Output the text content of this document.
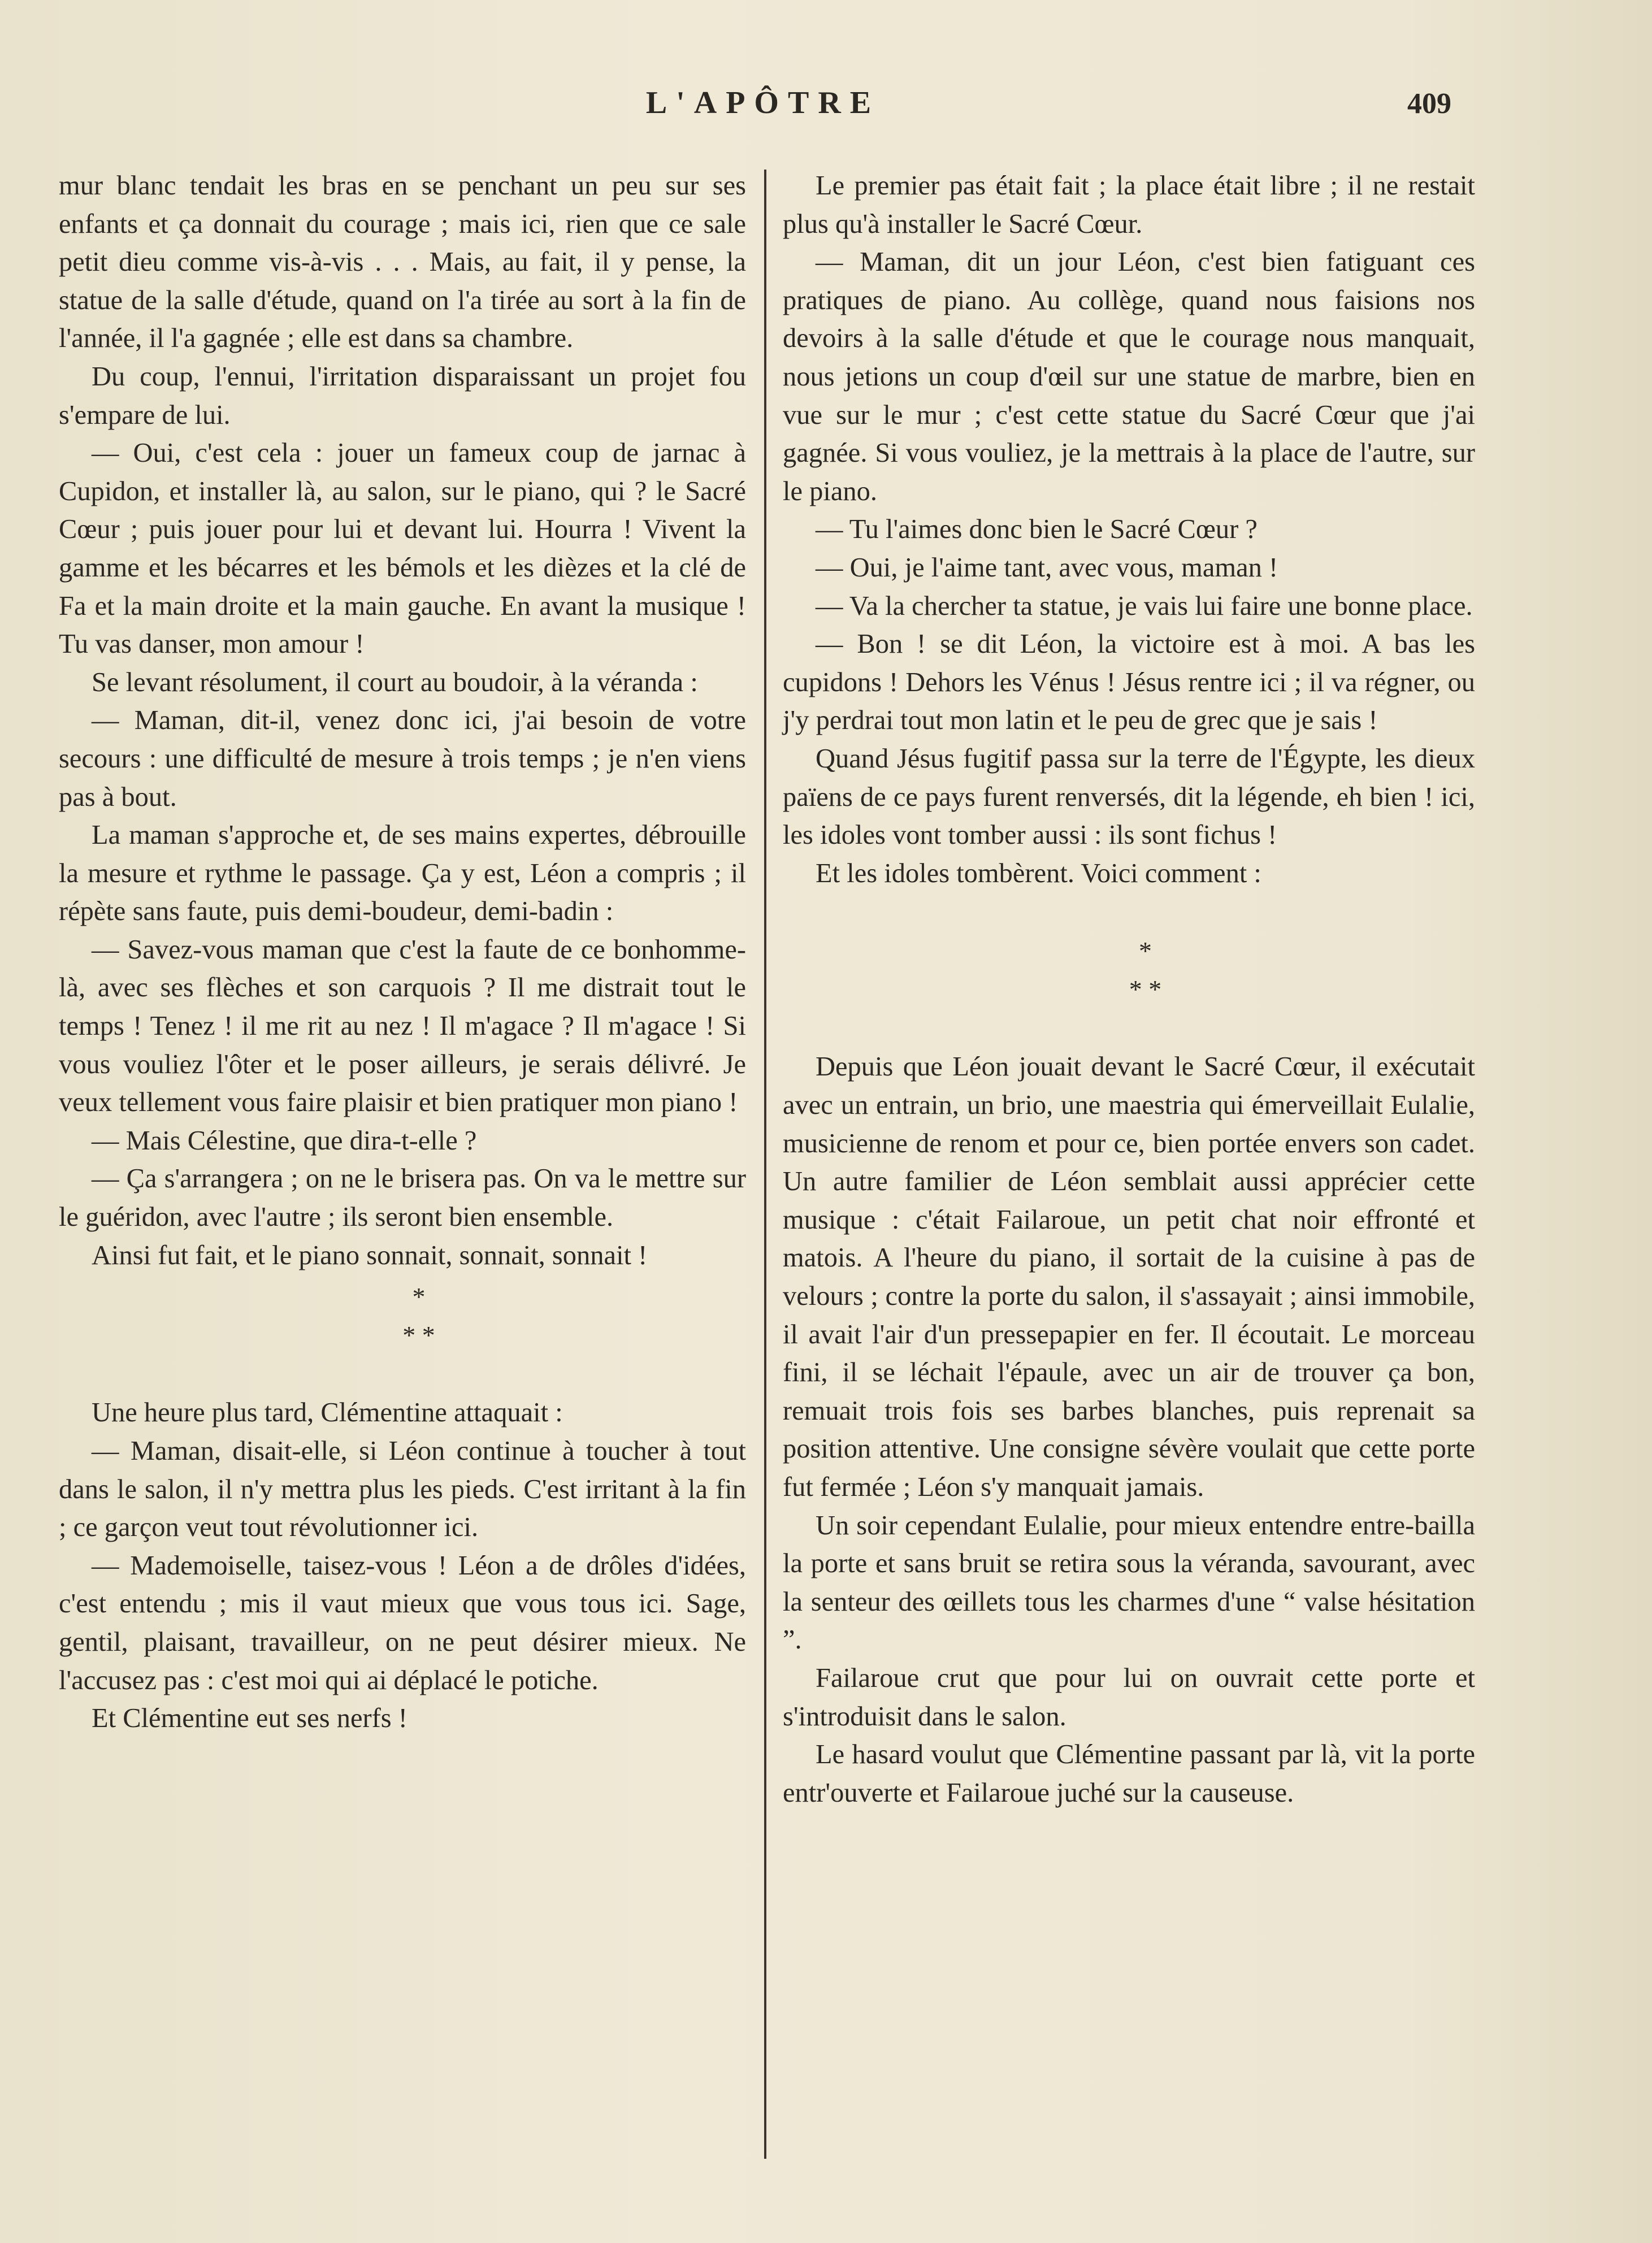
L'APÔTRE	409

mur blanc tendait les bras en se penchant un peu sur ses enfants et ça donnait du courage ; mais ici, rien que ce sale petit dieu comme vis-à-vis . . . Mais, au fait, il y pense, la statue de la salle d'étude, quand on l'a tirée au sort à la fin de l'année, il l'a gagnée ; elle est dans sa chambre.

Du coup, l'ennui, l'irritation disparaissant un projet fou s'empare de lui.

— Oui, c'est cela : jouer un fameux coup de jarnac à Cupidon, et installer là, au salon, sur le piano, qui ? le Sacré Cœur ; puis jouer pour lui et devant lui. Hourra ! Vivent la gamme et les bécarres et les bémols et les dièzes et la clé de Fa et la main droite et la main gauche. En avant la musique ! Tu vas danser, mon amour !

Se levant résolument, il court au boudoir, à la véranda :

— Maman, dit-il, venez donc ici, j'ai besoin de votre secours : une difficulté de mesure à trois temps ; je n'en viens pas à bout.

La maman s'approche et, de ses mains expertes, débrouille la mesure et rythme le passage. Ça y est, Léon a compris ; il répète sans faute, puis demi-boudeur, demi-badin :

— Savez-vous maman que c'est la faute de ce bonhomme-là, avec ses flèches et son carquois ? Il me distrait tout le temps ! Tenez ! il me rit au nez ! Il m'agace ? Il m'agace ! Si vous vouliez l'ôter et le poser ailleurs, je serais délivré. Je veux tellement vous faire plaisir et bien pratiquer mon piano !

— Mais Célestine, que dira-t-elle ?

— Ça s'arrangera ; on ne le brisera pas. On va le mettre sur le guéridon, avec l'autre ; ils seront bien ensemble.

Ainsi fut fait, et le piano sonnait, sonnait, sonnait !

*

* *

Une heure plus tard, Clémentine attaquait :

— Maman, disait-elle, si Léon continue à toucher à tout dans le salon, il n'y mettra plus les pieds. C'est irritant à la fin ; ce garçon veut tout révolutionner ici.

— Mademoiselle, taisez-vous ! Léon a de drôles d'idées, c'est entendu ; mis il vaut mieux que vous tous ici. Sage, gentil, plaisant, travailleur, on ne peut désirer mieux. Ne l'accusez pas : c'est moi qui ai déplacé le potiche.

Et Clémentine eut ses nerfs !

Le premier pas était fait ; la place était libre ; il ne restait plus qu'à installer le Sacré Cœur.

— Maman, dit un jour Léon, c'est bien fatiguant ces pratiques de piano. Au collège, quand nous faisions nos devoirs à la salle d'étude et que le courage nous manquait, nous jetions un coup d'œil sur une statue de marbre, bien en vue sur le mur ; c'est cette statue du Sacré Cœur que j'ai gagnée. Si vous vouliez, je la mettrais à la place de l'autre, sur le piano.

— Tu l'aimes donc bien le Sacré Cœur ?

— Oui, je l'aime tant, avec vous, maman !

— Va la chercher ta statue, je vais lui faire une bonne place.

— Bon ! se dit Léon, la victoire est à moi. A bas les cupidons ! Dehors les Vénus ! Jésus rentre ici ; il va régner, ou j'y perdrai tout mon latin et le peu de grec que je sais !

Quand Jésus fugitif passa sur la terre de l'Égypte, les dieux païens de ce pays furent renversés, dit la légende, eh bien ! ici, les idoles vont tomber aussi : ils sont fichus !

Et les idoles tombèrent. Voici comment :

*

* *

Depuis que Léon jouait devant le Sacré Cœur, il exécutait avec un entrain, un brio, une maestria qui émerveillait Eulalie, musicienne de renom et pour ce, bien portée envers son cadet. Un autre familier de Léon semblait aussi apprécier cette musique : c'était Failaroue, un petit chat noir effronté et matois. A l'heure du piano, il sortait de la cuisine à pas de velours ; contre la porte du salon, il s'assayait ; ainsi immobile, il avait l'air d'un pressepapier en fer. Il écoutait. Le morceau fini, il se léchait l'épaule, avec un air de trouver ça bon, remuait trois fois ses barbes blanches, puis reprenait sa position attentive. Une consigne sévère voulait que cette porte fut fermée ; Léon s'y manquait jamais.

Un soir cependant Eulalie, pour mieux entendre entre-bailla la porte et sans bruit se retira sous la véranda, savourant, avec la senteur des œillets tous les charmes d'une “ valse hésitation ”.

Failaroue crut que pour lui on ouvrait cette porte et s'introduisit dans le salon.

Le hasard voulut que Clémentine passant par là, vit la porte entr'ouverte et Failaroue juché sur la causeuse.
